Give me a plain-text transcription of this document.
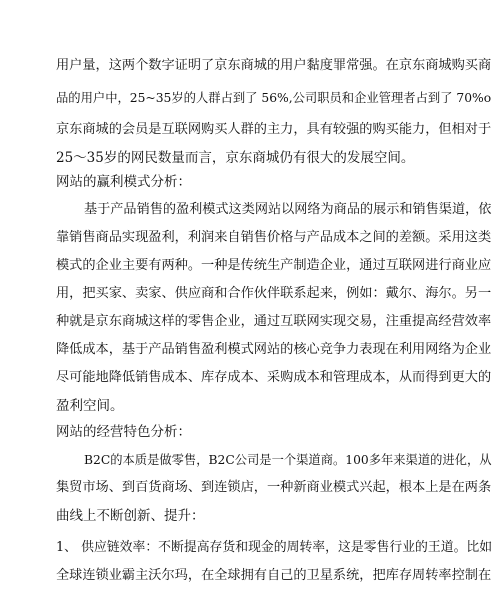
用户量，这两个数字证明了京东商城的用户黏度罪常强。在京东商城购买商
品的用户中，25~35岁的人群占到了 56%,公司职员和企业管理者占到了 70%o
京东商城的会员是互联网购买人群的主力，具有较强的购买能力，但相对于
25〜35岁的网民数量而言，京东商城仍有很大的发展空间。
网站的赢利模式分析：
基于产品销售的盈利模式这类网站以网络为商品的展示和销售渠道，依
靠销售商品实现盈利，利润来自销售价格与产品成本之间的差额。采用这类
模式的企业主要有两种。一种是传统生产制造企业，通过互联网进行商业应
用，把买家、卖家、供应商和合作伙伴联系起来，例如：戴尔、海尔。另一
种就是京东商城这样的零售企业，通过互联网实现交易，注重提高经营效率
降低成本，基于产品销售盈利模式网站的核心竞争力表现在利用网络为企业
尽可能地降低销售成本、库存成本、采购成本和管理成本，从而得到更大的
盈利空间。
网站的经营特色分析：
B2C的本质是做零售，B2C公司是一个渠道商。100多年来渠道的进化，从
集贸市场、到百货商场、到连锁店，一种新商业模式兴起，根本上是在两条
曲线上不断创新、提升：
1、 供应链效率：不断提高存货和现金的周转率，这是零售行业的王道。比如
全球连锁业霸主沃尔玛，在全球拥有自己的卫星系统，把库存周转率控制在
